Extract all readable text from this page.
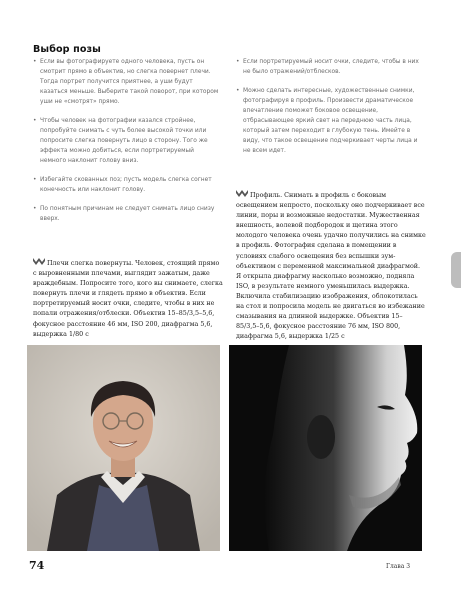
Выбор позы
• Если вы фотографируете одного человека, пусть он смотрит прямо в объектив, но слегка повернет плечи. Тогда портрет получится приятнее, а уши будут казаться меньше. Выберите такой поворот, при котором уши не «смотрят» прямо.
• Чтобы человек на фотографии казался стройнее, попробуйте снимать с чуть более высокой точки или попросите слегка повернуть лицо в сторону. Того же эффекта можно добиться, если портретируемый немного наклонит голову вниз.
• Избегайте скованных поз; пусть модель слегка согнет конечность или наклонит голову.
• По понятным причинам не следует снимать лицо снизу вверх.
• Если портретируемый носит очки, следите, чтобы в них не было отражений/отблесков.
• Можно сделать интересные, художественные снимки, фотографируя в профиль. Произвести драматическое впечатление поможет боковое освещение, отбрасывающее яркий свет на переднюю часть лица, который затем переходит в глубокую тень. Имейте в виду, что такое освещение подчеркивает черты лица и не всем идет.
Профиль. Снимать в профиль с боковым освещением непросто, поскольку оно подчеркивает все линии, поры и возможные недостатки. Мужественная внешность, волевой подбородок и щетина этого молодого человека очень удачно получились на снимке в профиль. Фотография сделана в помещении в условиях слабого освещения без вспышки зум-объективом с переменной максимальной диафрагмой. Я открыла диафрагму насколько возможно, подняла ISO, в результате немного уменьшилась выдержка. Включила стабилизацию изображения, облокотилась на стол и попросила модель не двигаться во избежание смазывания на длинной выдержке. Объектив 15–85/3,5–5,6, фокусное расстояние 76 мм, ISO 800, диафрагма 5,6, выдержка 1/25 с
Плечи слегка повернуты. Человек, стоящий прямо с выровненными плечами, выглядит зажатым, даже враждебным. Попросите того, кого вы снимаете, слегка повернуть плечи и глядеть прямо в объектив. Если портретируемый носит очки, следите, чтобы в них не попали отражения/отблески. Объектив 15–85/3,5–5,6, фокусное расстояние 46 мм, ISO 200, диафрагма 5,6, выдержка 1/80 с
74	Глава 3
